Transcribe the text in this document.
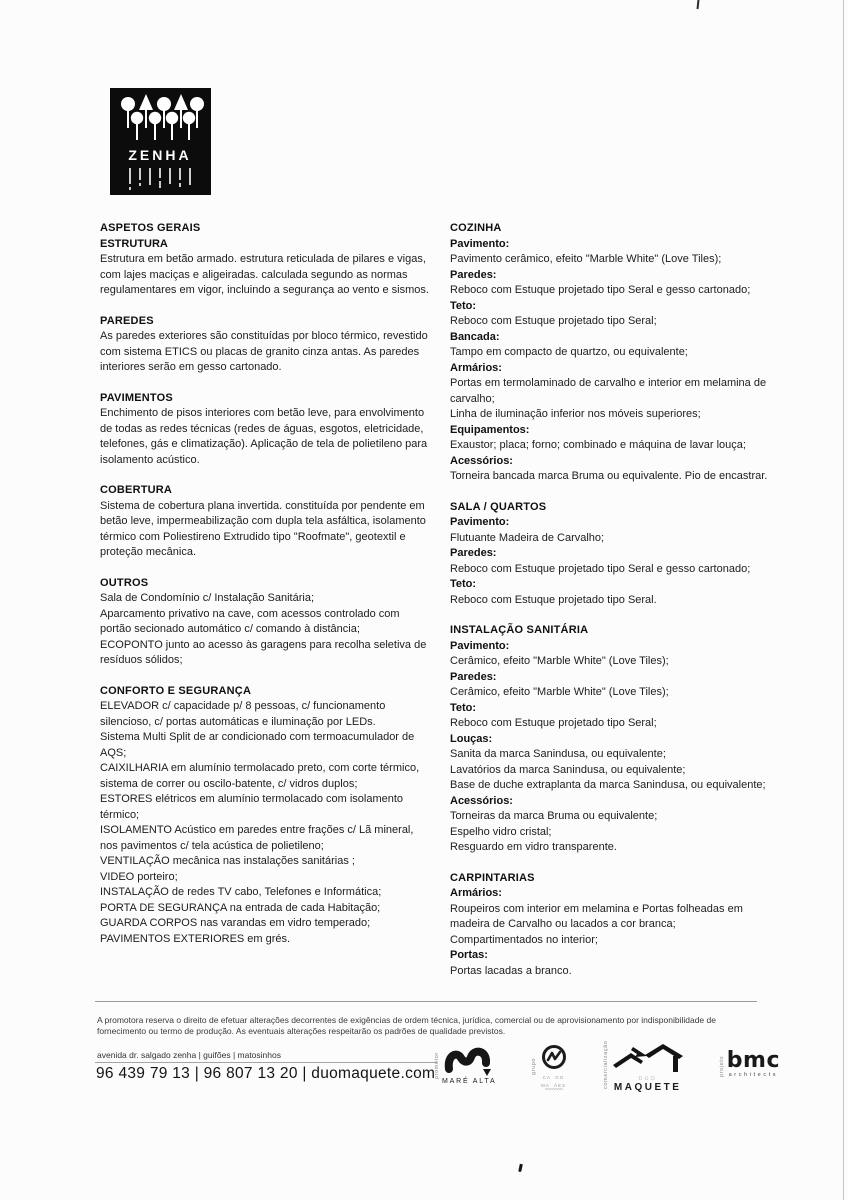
ZENHA
ASPETOS GERAIS

ESTRUTURA

Estrutura em betão armado. estrutura reticulada de pilares e vigas, com lajes maciças e aligeiradas. calculada segundo as normas regulamentares em vigor, incluindo a segurança ao vento e sismos.

PAREDES

As paredes exteriores são constituídas por bloco térmico, revestido com sistema ETICS ou placas de granito cinza antas. As paredes interiores serão em gesso cartonado.

PAVIMENTOS

Enchimento de pisos interiores com betão leve, para envolvimento de todas as redes técnicas (redes de águas, esgotos, eletricidade, telefones, gás e climatização). Aplicação de tela de polietileno para isolamento acústico.

COBERTURA

Sistema de cobertura plana invertida. constituída por pendente em betão leve, impermeabilização com dupla tela asfáltica, isolamento térmico com Poliestireno Extrudido tipo "Roofmate", geotextil e proteção mecânica.

OUTROS

Sala de Condomínio c/ Instalação Sanitária;

Aparcamento privativo na cave, com acessos controlado com portão secionado automático c/ comando à distância;

ECOPONTO junto ao acesso às garagens para recolha seletiva de resíduos sólidos;

CONFORTO E SEGURANÇA

ELEVADOR c/ capacidade p/ 8 pessoas, c/ funcionamento silencioso, c/ portas automáticas e iluminação por LEDs.

Sistema Multi Split de ar condicionado com termoacumulador de AQS;

CAIXILHARIA em alumínio termolacado preto, com corte térmico, sistema de correr ou oscilo-batente, c/ vidros duplos;

ESTORES elétricos em alumínio termolacado com isolamento térmico;

ISOLAMENTO Acústico em paredes entre frações c/ Lã mineral, nos pavimentos c/ tela acústica de polietileno;

VENTILAÇÃO mecânica nas instalações sanitárias ;

VIDEO porteiro;

INSTALAÇÃO de redes TV cabo, Telefones e Informática;

PORTA DE SEGURANÇA na entrada de cada Habitação;

GUARDA CORPOS nas varandas em vidro temperado;

PAVIMENTOS EXTERIORES em grés.

COZINHA

Pavimento:

Pavimento cerâmico, efeito "Marble White" (Love Tiles);

Paredes:

Reboco com Estuque projetado tipo Seral e gesso cartonado;

Teto:

Reboco com Estuque projetado tipo Seral;

Bancada:

Tampo em compacto de quartzo, ou equivalente;

Armários:

Portas em termolaminado de carvalho e interior em melamina de carvalho;

Linha de iluminação inferior nos móveis superiores;

Equipamentos:

Exaustor; placa; forno; combinado e máquina de lavar louça;

Acessórios:

Torneira bancada marca Bruma ou equivalente. Pio de encastrar.

SALA / QUARTOS

Pavimento:

Flutuante Madeira de Carvalho;

Paredes:

Reboco com Estuque projetado tipo Seral e gesso cartonado;

Teto:

Reboco com Estuque projetado tipo Seral.

INSTALAÇÃO SANITÁRIA

Pavimento:

Cerâmico, efeito "Marble White" (Love Tiles);

Paredes:

Cerâmico, efeito "Marble White" (Love Tiles);

Teto:

Reboco com Estuque projetado tipo Seral;

Louças:

Sanita da marca Sanindusa, ou equivalente;

Lavatórios da marca Sanindusa, ou equivalente;

Base de duche extraplanta da marca Sanindusa, ou equivalente;

Acessórios:

Torneiras da marca Bruma ou equivalente;

Espelho vidro cristal;

Resguardo em vidro transparente.

CARPINTARIAS

Armários:

Roupeiros com interior em melamina e Portas folheadas em madeira de Carvalho ou lacados a cor branca;

Compartimentados no interior;

Portas:

Portas lacadas a branco.

A promotora reserva o direito de efetuar alterações decorrentes de exigências de ordem técnica, jurídica, comercial ou de aprovisionamento por indisponibilidade de fornecimento ou termo de produção. As eventuais alterações respeitarão os padrões de qualidade previstos.

avenida dr. salgado zenha | guifões | matosinhos
96 439 79 13 | 96 807 13 20 | duomaquete.com
promotor
MARÉ ALTA
grupo
CA  GO
MA  ÃES
~~~~~~~
comercialização	DUO
MAQUETE
projeto bmc
architects
